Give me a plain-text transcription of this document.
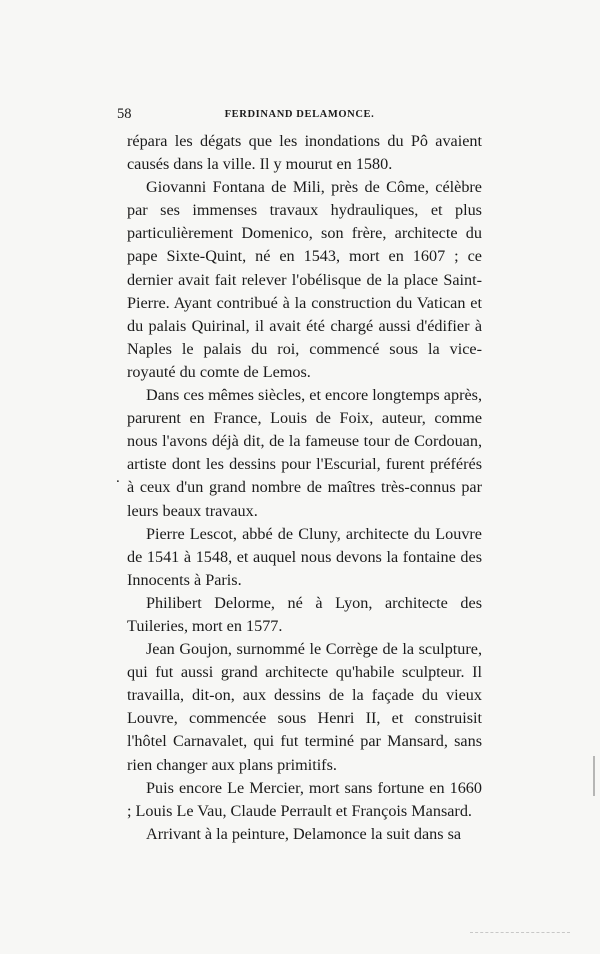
58	FERDINAND DELAMONCE.

répara les dégats que les inondations du Pô avaient causés dans la ville. Il y mourut en 1580.

Giovanni Fontana de Mili, près de Côme, célèbre par ses immenses travaux hydrauliques, et plus particulièrement Domenico, son frère, architecte du pape Sixte-Quint, né en 1543, mort en 1607 ; ce dernier avait fait relever l'obélisque de la place Saint-Pierre. Ayant contribué à la construction du Vatican et du palais Quirinal, il avait été chargé aussi d'édifier à Naples le palais du roi, commencé sous la vice-royauté du comte de Lemos.

Dans ces mêmes siècles, et encore longtemps après, parurent en France, Louis de Foix, auteur, comme nous l'avons déjà dit, de la fameuse tour de Cordouan, artiste dont les dessins pour l'Escurial, furent préférés à ceux d'un grand nombre de maîtres très-connus par leurs beaux travaux.

Pierre Lescot, abbé de Cluny, architecte du Louvre de 1541 à 1548, et auquel nous devons la fontaine des Innocents à Paris.

Philibert Delorme, né à Lyon, architecte des Tuileries, mort en 1577.

Jean Goujon, surnommé le Corrège de la sculpture, qui fut aussi grand architecte qu'habile sculpteur. Il travailla, dit-on, aux dessins de la façade du vieux Louvre, commencée sous Henri II, et construisit l'hôtel Carnavalet, qui fut terminé par Mansard, sans rien changer aux plans primitifs.

Puis encore Le Mercier, mort sans fortune en 1660 ; Louis Le Vau, Claude Perrault et François Mansard.

Arrivant à la peinture, Delamonce la suit dans sa

.
